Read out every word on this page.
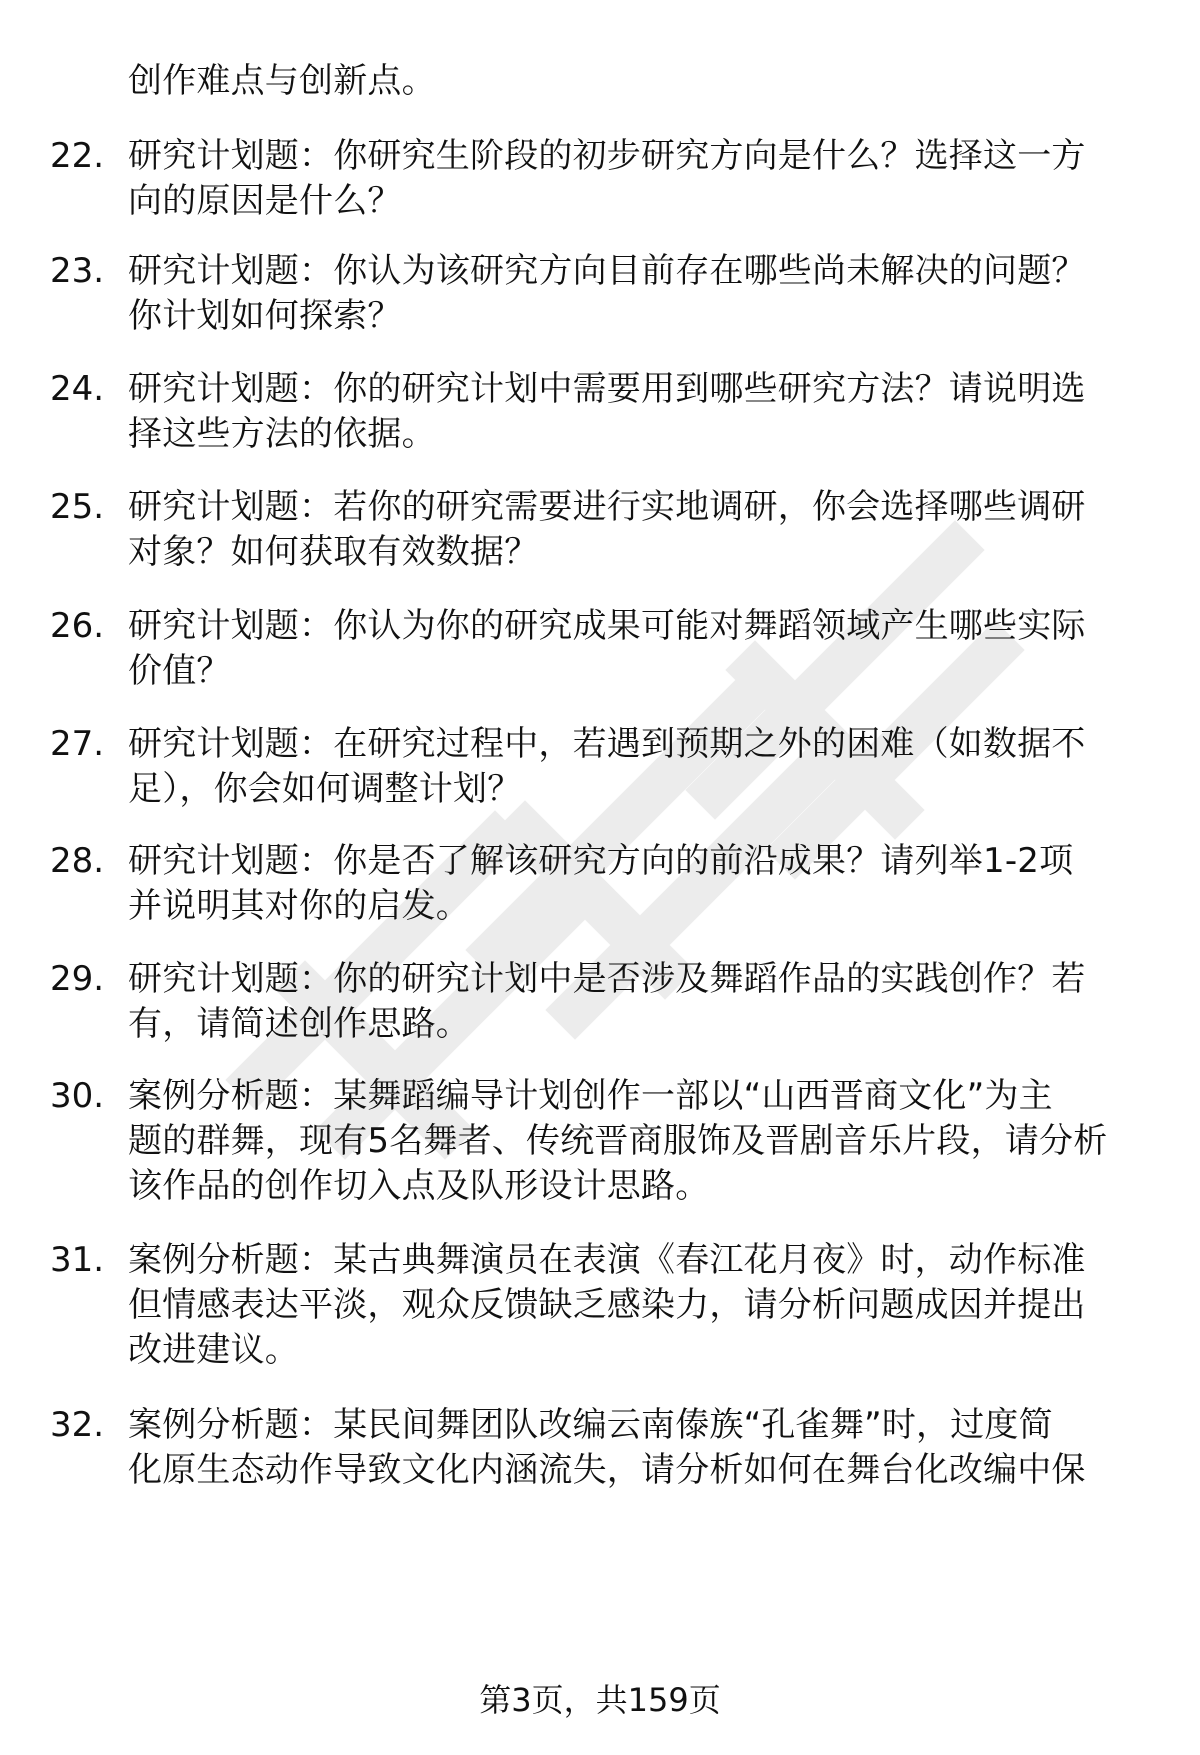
创作难点与创新点。
22. 研究计划题：你研究生阶段的初步研究方向是什么？选择这一方
向的原因是什么？
23. 研究计划题：你认为该研究方向目前存在哪些尚未解决的问题？
你计划如何探索？
24. 研究计划题：你的研究计划中需要用到哪些研究方法？请说明选
择这些方法的依据。
25. 研究计划题：若你的研究需要进行实地调研，你会选择哪些调研
对象？如何获取有效数据？
26. 研究计划题：你认为你的研究成果可能对舞蹈领域产生哪些实际
价值？
27. 研究计划题：在研究过程中，若遇到预期之外的困难（如数据不
足），你会如何调整计划？
28. 研究计划题：你是否了解该研究方向的前沿成果？请列举1-2项
并说明其对你的启发。
29. 研究计划题：你的研究计划中是否涉及舞蹈作品的实践创作？若
有，请简述创作思路。
30. 案例分析题：某舞蹈编导计划创作一部以“山西晋商文化”为主
题的群舞，现有5名舞者、传统晋商服饰及晋剧音乐片段，请分析
该作品的创作切入点及队形设计思路。
31. 案例分析题：某古典舞演员在表演《春江花月夜》时，动作标准
但情感表达平淡，观众反馈缺乏感染力，请分析问题成因并提出
改进建议。
32. 案例分析题：某民间舞团队改编云南傣族“孔雀舞”时，过度简
化原生态动作导致文化内涵流失，请分析如何在舞台化改编中保
第3页，共159页
